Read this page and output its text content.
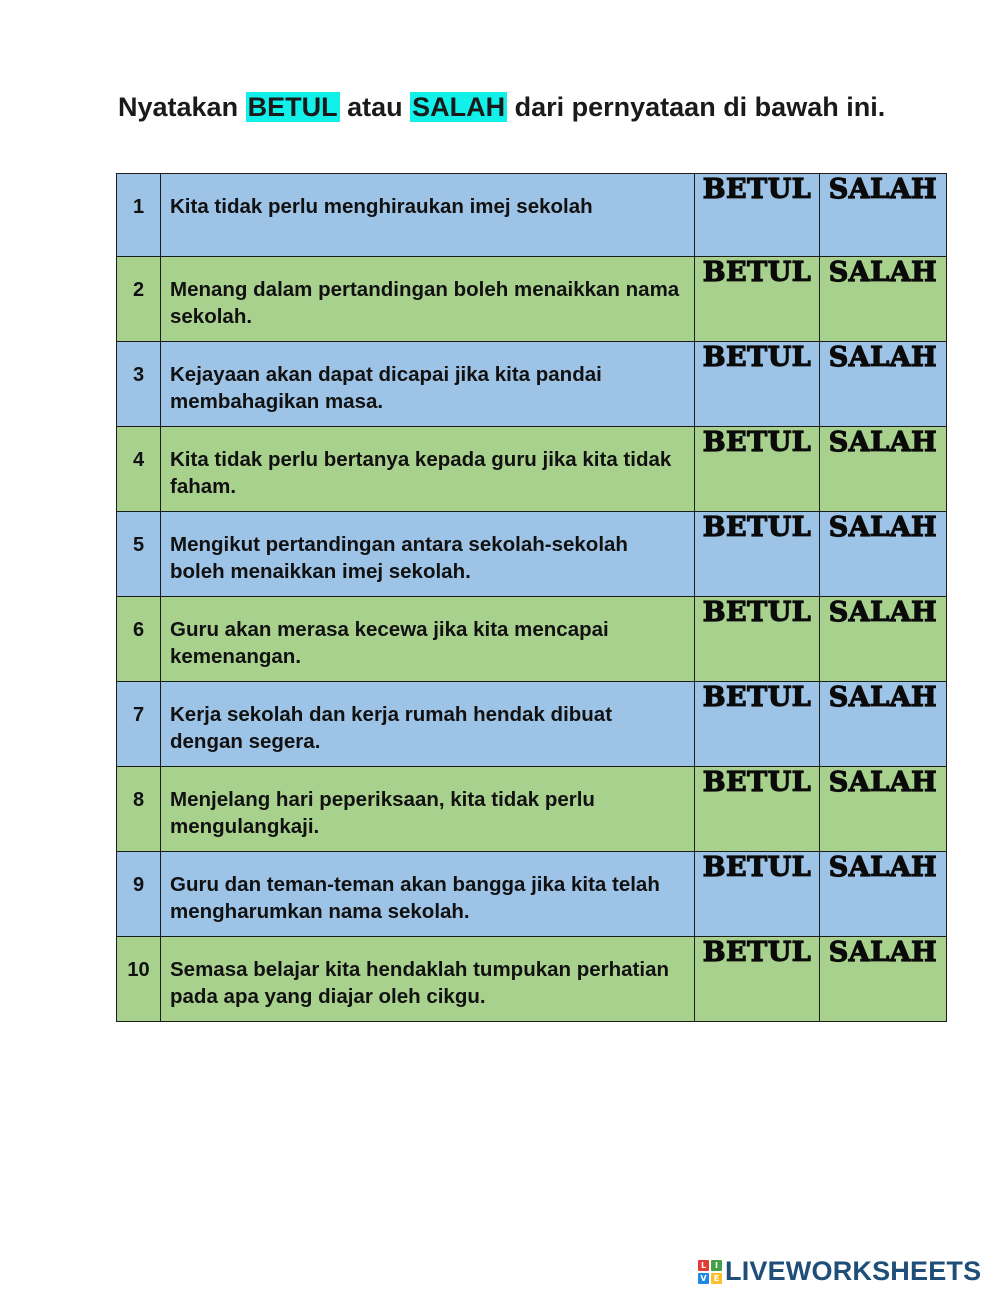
Nyatakan BETUL atau SALAH dari pernyataan di bawah ini.
1	Kita tidak perlu menghiraukan imej sekolah	BETUL	SALAH

2	Menang dalam pertandingan boleh menaikkan nama sekolah.	BETUL	SALAH

3	Kejayaan akan dapat dicapai jika kita pandai membahagikan masa.	BETUL	SALAH

4	Kita tidak perlu bertanya kepada guru jika kita tidak faham.	BETUL	SALAH

5	Mengikut pertandingan antara sekolah-sekolah boleh menaikkan imej sekolah.	BETUL	SALAH

6	Guru akan merasa kecewa jika kita mencapai kemenangan.	BETUL	SALAH

7	Kerja sekolah dan kerja rumah hendak dibuat dengan segera.	BETUL	SALAH

8	Menjelang hari peperiksaan, kita tidak perlu mengulangkaji.	BETUL	SALAH

9	Guru dan teman-teman akan bangga jika kita telah mengharumkan nama sekolah.	BETUL	SALAH

10	Semasa belajar kita hendaklah tumpukan perhatian pada apa yang diajar oleh cikgu.	BETUL	SALAH
L	I
V E LIVEWORKSHEETS
